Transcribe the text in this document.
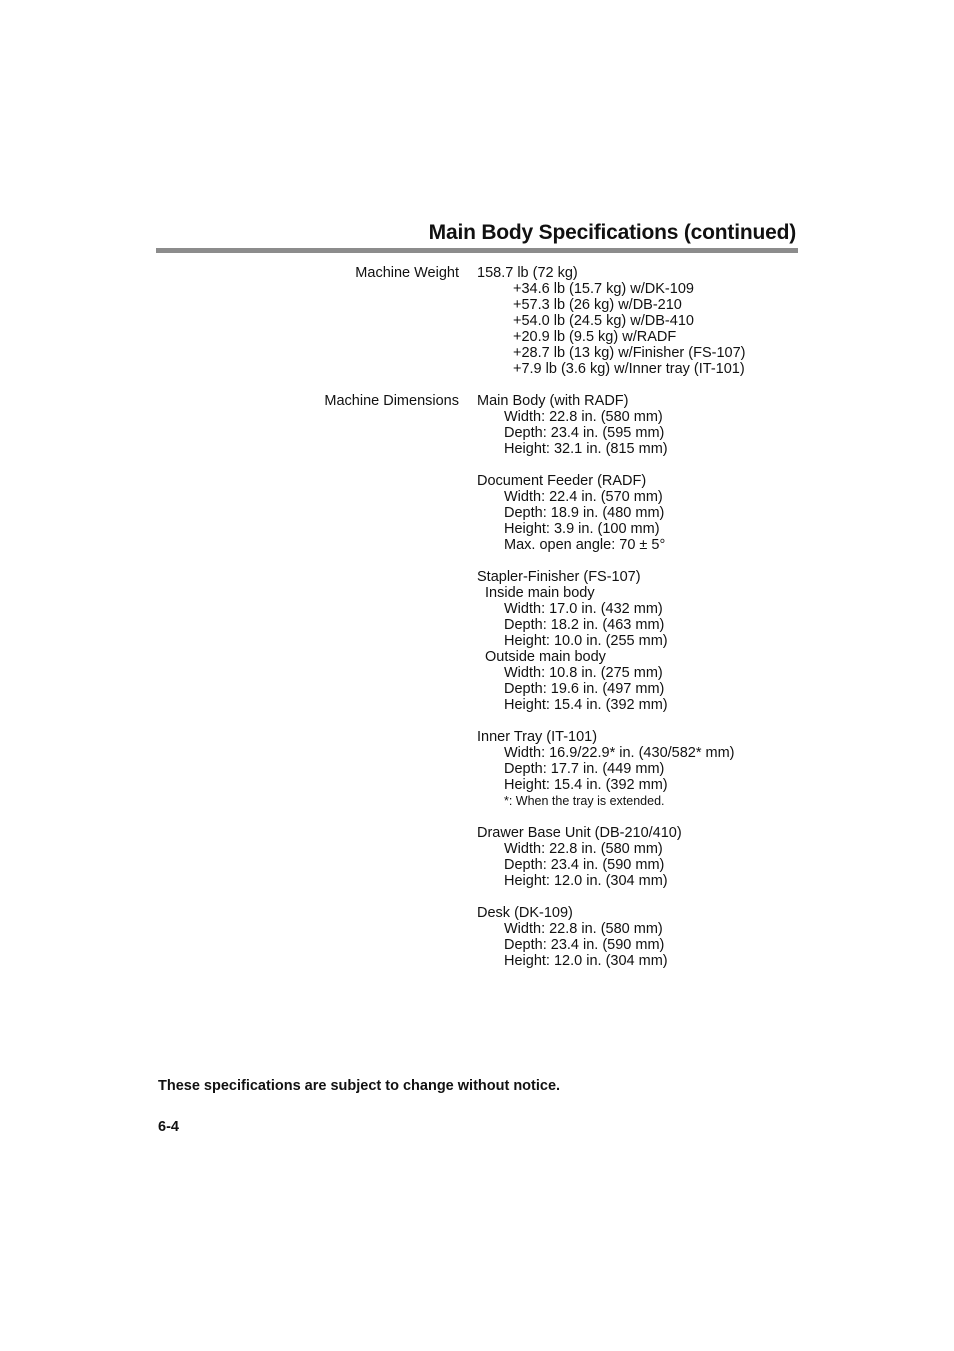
Main Body Specifications (continued)
Machine Weight 158.7 lb (72 kg)
+34.6 lb (15.7 kg) w/DK-109
+57.3 lb (26 kg) w/DB-210
+54.0 lb (24.5 kg) w/DB-410
+20.9 lb (9.5 kg) w/RADF
+28.7 lb (13 kg) w/Finisher (FS-107)
+7.9 lb (3.6 kg) w/Inner tray (IT-101)
Machine Dimensions Main Body (with RADF)
Width: 22.8 in. (580 mm)
Depth: 23.4 in. (595 mm)
Height: 32.1 in. (815 mm)
Document Feeder (RADF)
Width: 22.4 in. (570 mm)
Depth: 18.9 in. (480 mm)
Height: 3.9 in. (100 mm)
Max. open angle: 70 ± 5°
Stapler-Finisher (FS-107)
Inside main body
Width: 17.0 in. (432 mm)
Depth: 18.2 in. (463 mm)
Height: 10.0 in. (255 mm)
Outside main body
Width: 10.8 in. (275 mm)
Depth: 19.6 in. (497 mm)
Height: 15.4 in. (392 mm)
Inner Tray (IT-101)
Width: 16.9/22.9* in. (430/582* mm)
Depth: 17.7 in. (449 mm)
Height: 15.4 in. (392 mm)
*: When the tray is extended.
Drawer Base Unit (DB-210/410)
Width: 22.8 in. (580 mm)
Depth: 23.4 in. (590 mm)
Height: 12.0 in. (304 mm)
Desk (DK-109)
Width: 22.8 in. (580 mm)
Depth: 23.4 in. (590 mm)
Height: 12.0 in. (304 mm)
These specifications are subject to change without notice.
6-4
